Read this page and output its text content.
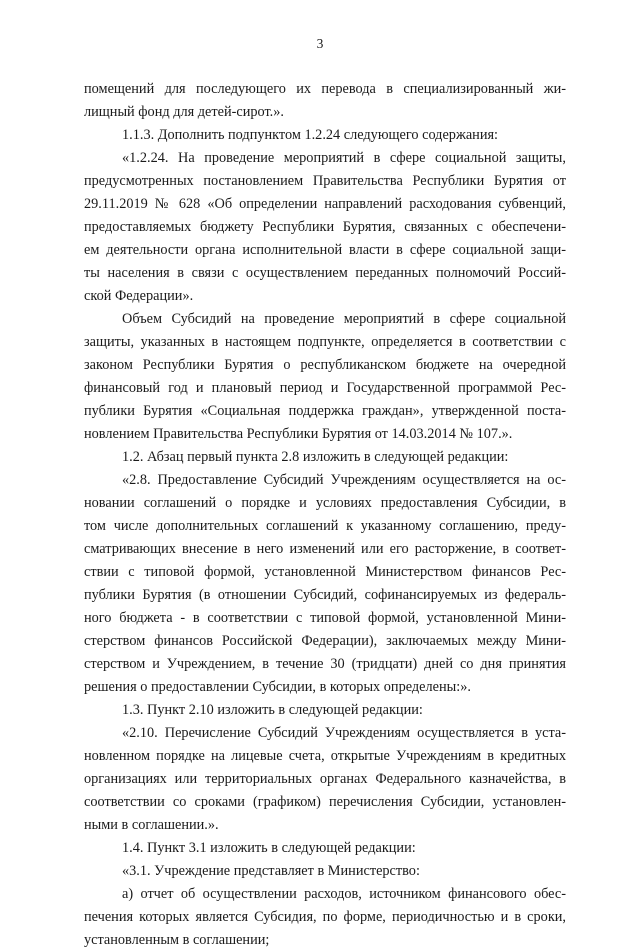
3
помещений для последующего их перевода в специализированный жи-
лищный фонд для детей-сирот.».
1.1.3. Дополнить подпунктом 1.2.24 следующего содержания:
«1.2.24. На проведение мероприятий в сфере социальной защиты,
предусмотренных постановлением Правительства Республики Бурятия от
29.11.2019 № 628 «Об определении направлений расходования субвенций,
предоставляемых бюджету Республики Бурятия, связанных с обеспечени-
ем деятельности органа исполнительной власти в сфере социальной защи-
ты населения в связи с осуществлением переданных полномочий Россий-
ской Федерации».
Объем Субсидий на проведение мероприятий в сфере социальной
защиты, указанных в настоящем подпункте, определяется в соответствии с
законом Республики Бурятия о республиканском бюджете на очередной
финансовый год и плановый период и Государственной программой Рес-
публики Бурятия «Социальная поддержка граждан», утвержденной поста-
новлением Правительства Республики Бурятия от 14.03.2014 № 107.».
1.2. Абзац первый пункта 2.8 изложить в следующей редакции:
«2.8. Предоставление Субсидий Учреждениям осуществляется на ос-
новании соглашений о порядке и условиях предоставления Субсидии, в
том числе дополнительных соглашений к указанному соглашению, преду-
сматривающих внесение в него изменений или его расторжение, в соответ-
ствии с типовой формой, установленной Министерством финансов Рес-
публики Бурятия (в отношении Субсидий, софинансируемых из федераль-
ного бюджета - в соответствии с типовой формой, установленной Мини-
стерством финансов Российской Федерации), заключаемых между Мини-
стерством и Учреждением, в течение 30 (тридцати) дней со дня принятия
решения о предоставлении Субсидии, в которых определены:».
1.3. Пункт 2.10 изложить в следующей редакции:
«2.10. Перечисление Субсидий Учреждениям осуществляется в уста-
новленном порядке на лицевые счета, открытые Учреждениям в кредитных
организациях или территориальных органах Федерального казначейства, в
соответствии со сроками (графиком) перечисления Субсидии, установлен-
ными в соглашении.».
1.4. Пункт 3.1 изложить в следующей редакции:
«3.1. Учреждение представляет в Министерство:
а) отчет об осуществлении расходов, источником финансового обес-
печения которых является Субсидия, по форме, периодичностью и в сроки,
установленным в соглашении;
